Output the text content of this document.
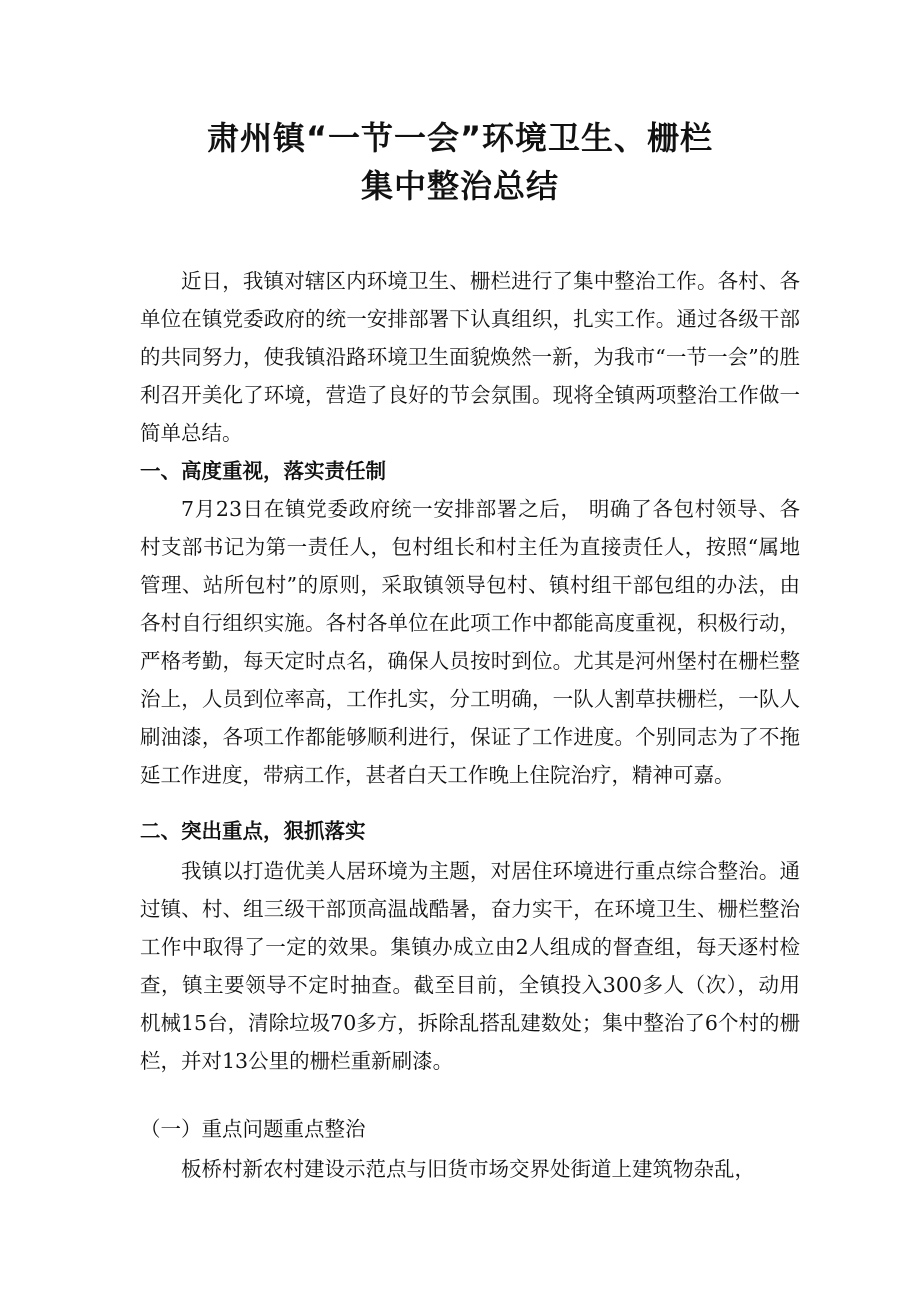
肃州镇“一节一会”环境卫生、栅栏
集中整治总结

近日，我镇对辖区内环境卫生、栅栏进行了集中整治工作。各村、各单位在镇党委政府的统一安排部署下认真组织，扎实工作。通过各级干部的共同努力，使我镇沿路环境卫生面貌焕然一新，为我市“一节一会”的胜利召开美化了环境，营造了良好的节会氛围。现将全镇两项整治工作做一简单总结。

一、高度重视，落实责任制

7月23日在镇党委政府统一安排部署之后， 明确了各包村领导、各村支部书记为第一责任人，包村组长和村主任为直接责任人，按照“属地管理、站所包村”的原则，采取镇领导包村、镇村组干部包组的办法，由各村自行组织实施。各村各单位在此项工作中都能高度重视，积极行动，严格考勤，每天定时点名，确保人员按时到位。尤其是河州堡村在栅栏整治上，人员到位率高，工作扎实，分工明确，一队人割草扶栅栏，一队人刷油漆，各项工作都能够顺利进行，保证了工作进度。个别同志为了不拖延工作进度，带病工作，甚者白天工作晚上住院治疗，精神可嘉。

二、突出重点，狠抓落实

我镇以打造优美人居环境为主题，对居住环境进行重点综合整治。通过镇、村、组三级干部顶高温战酷暑，奋力实干，在环境卫生、栅栏整治工作中取得了一定的效果。集镇办成立由2人组成的督查组，每天逐村检查，镇主要领导不定时抽查。截至目前，全镇投入300多人（次），动用机械15台，清除垃圾70多方，拆除乱搭乱建数处；集中整治了6个村的栅栏，并对13公里的栅栏重新刷漆。

（一）重点问题重点整治

板桥村新农村建设示范点与旧货市场交界处街道上建筑物杂乱，
